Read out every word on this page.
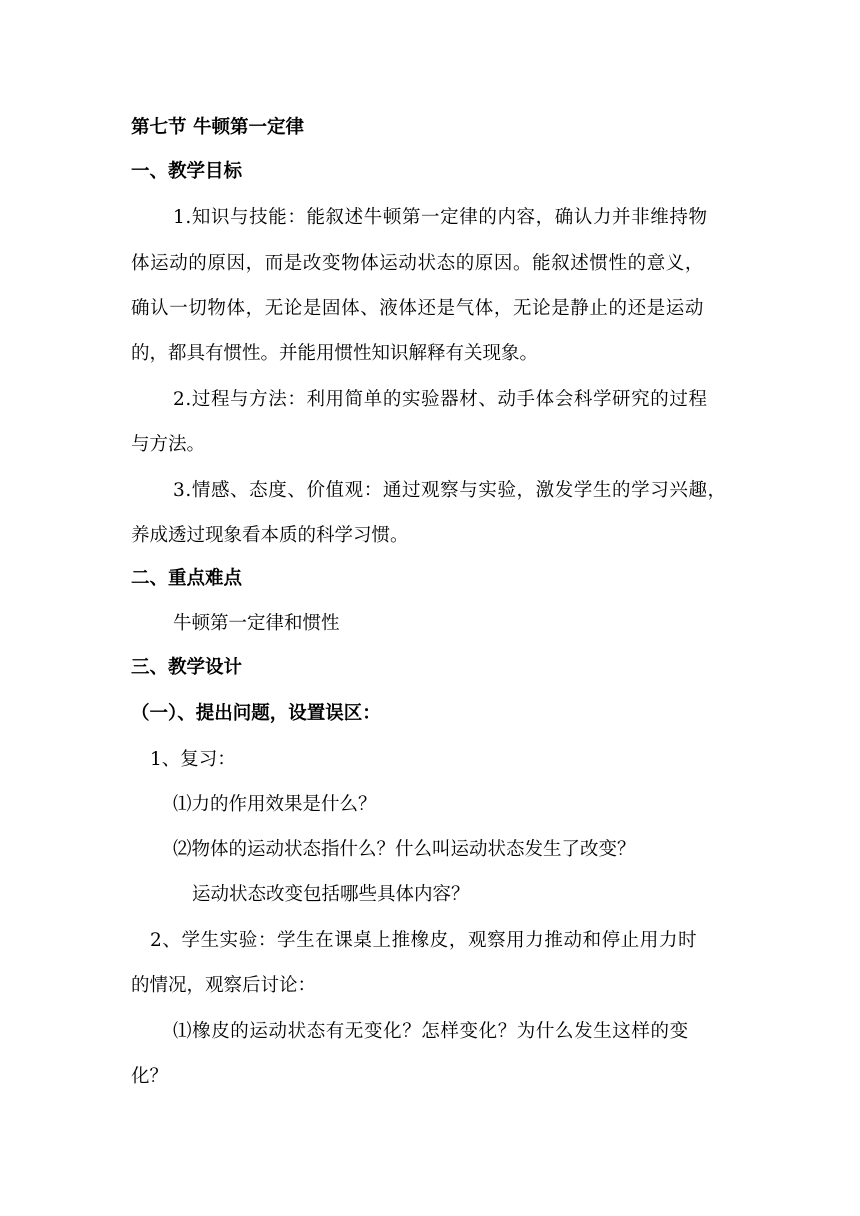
第七节 牛顿第一定律
一、教学目标
1.知识与技能：能叙述牛顿第一定律的内容，确认力并非维持物
体运动的原因，而是改变物体运动状态的原因。能叙述惯性的意义，
确认一切物体，无论是固体、液体还是气体，无论是静止的还是运动
的，都具有惯性。并能用惯性知识解释有关现象。
2.过程与方法：利用简单的实验器材、动手体会科学研究的过程
与方法。
3.情感、态度、价值观：通过观察与实验，激发学生的学习兴趣，
养成透过现象看本质的科学习惯。
二、重点难点
牛顿第一定律和惯性
三、教学设计
（一）、提出问题，设置误区：
1、复习：
⑴力的作用效果是什么？
⑵物体的运动状态指什么？什么叫运动状态发生了改变？
运动状态改变包括哪些具体内容？
2、学生实验：学生在课桌上推橡皮，观察用力推动和停止用力时
的情况，观察后讨论：
⑴橡皮的运动状态有无变化？怎样变化？为什么发生这样的变
化？
